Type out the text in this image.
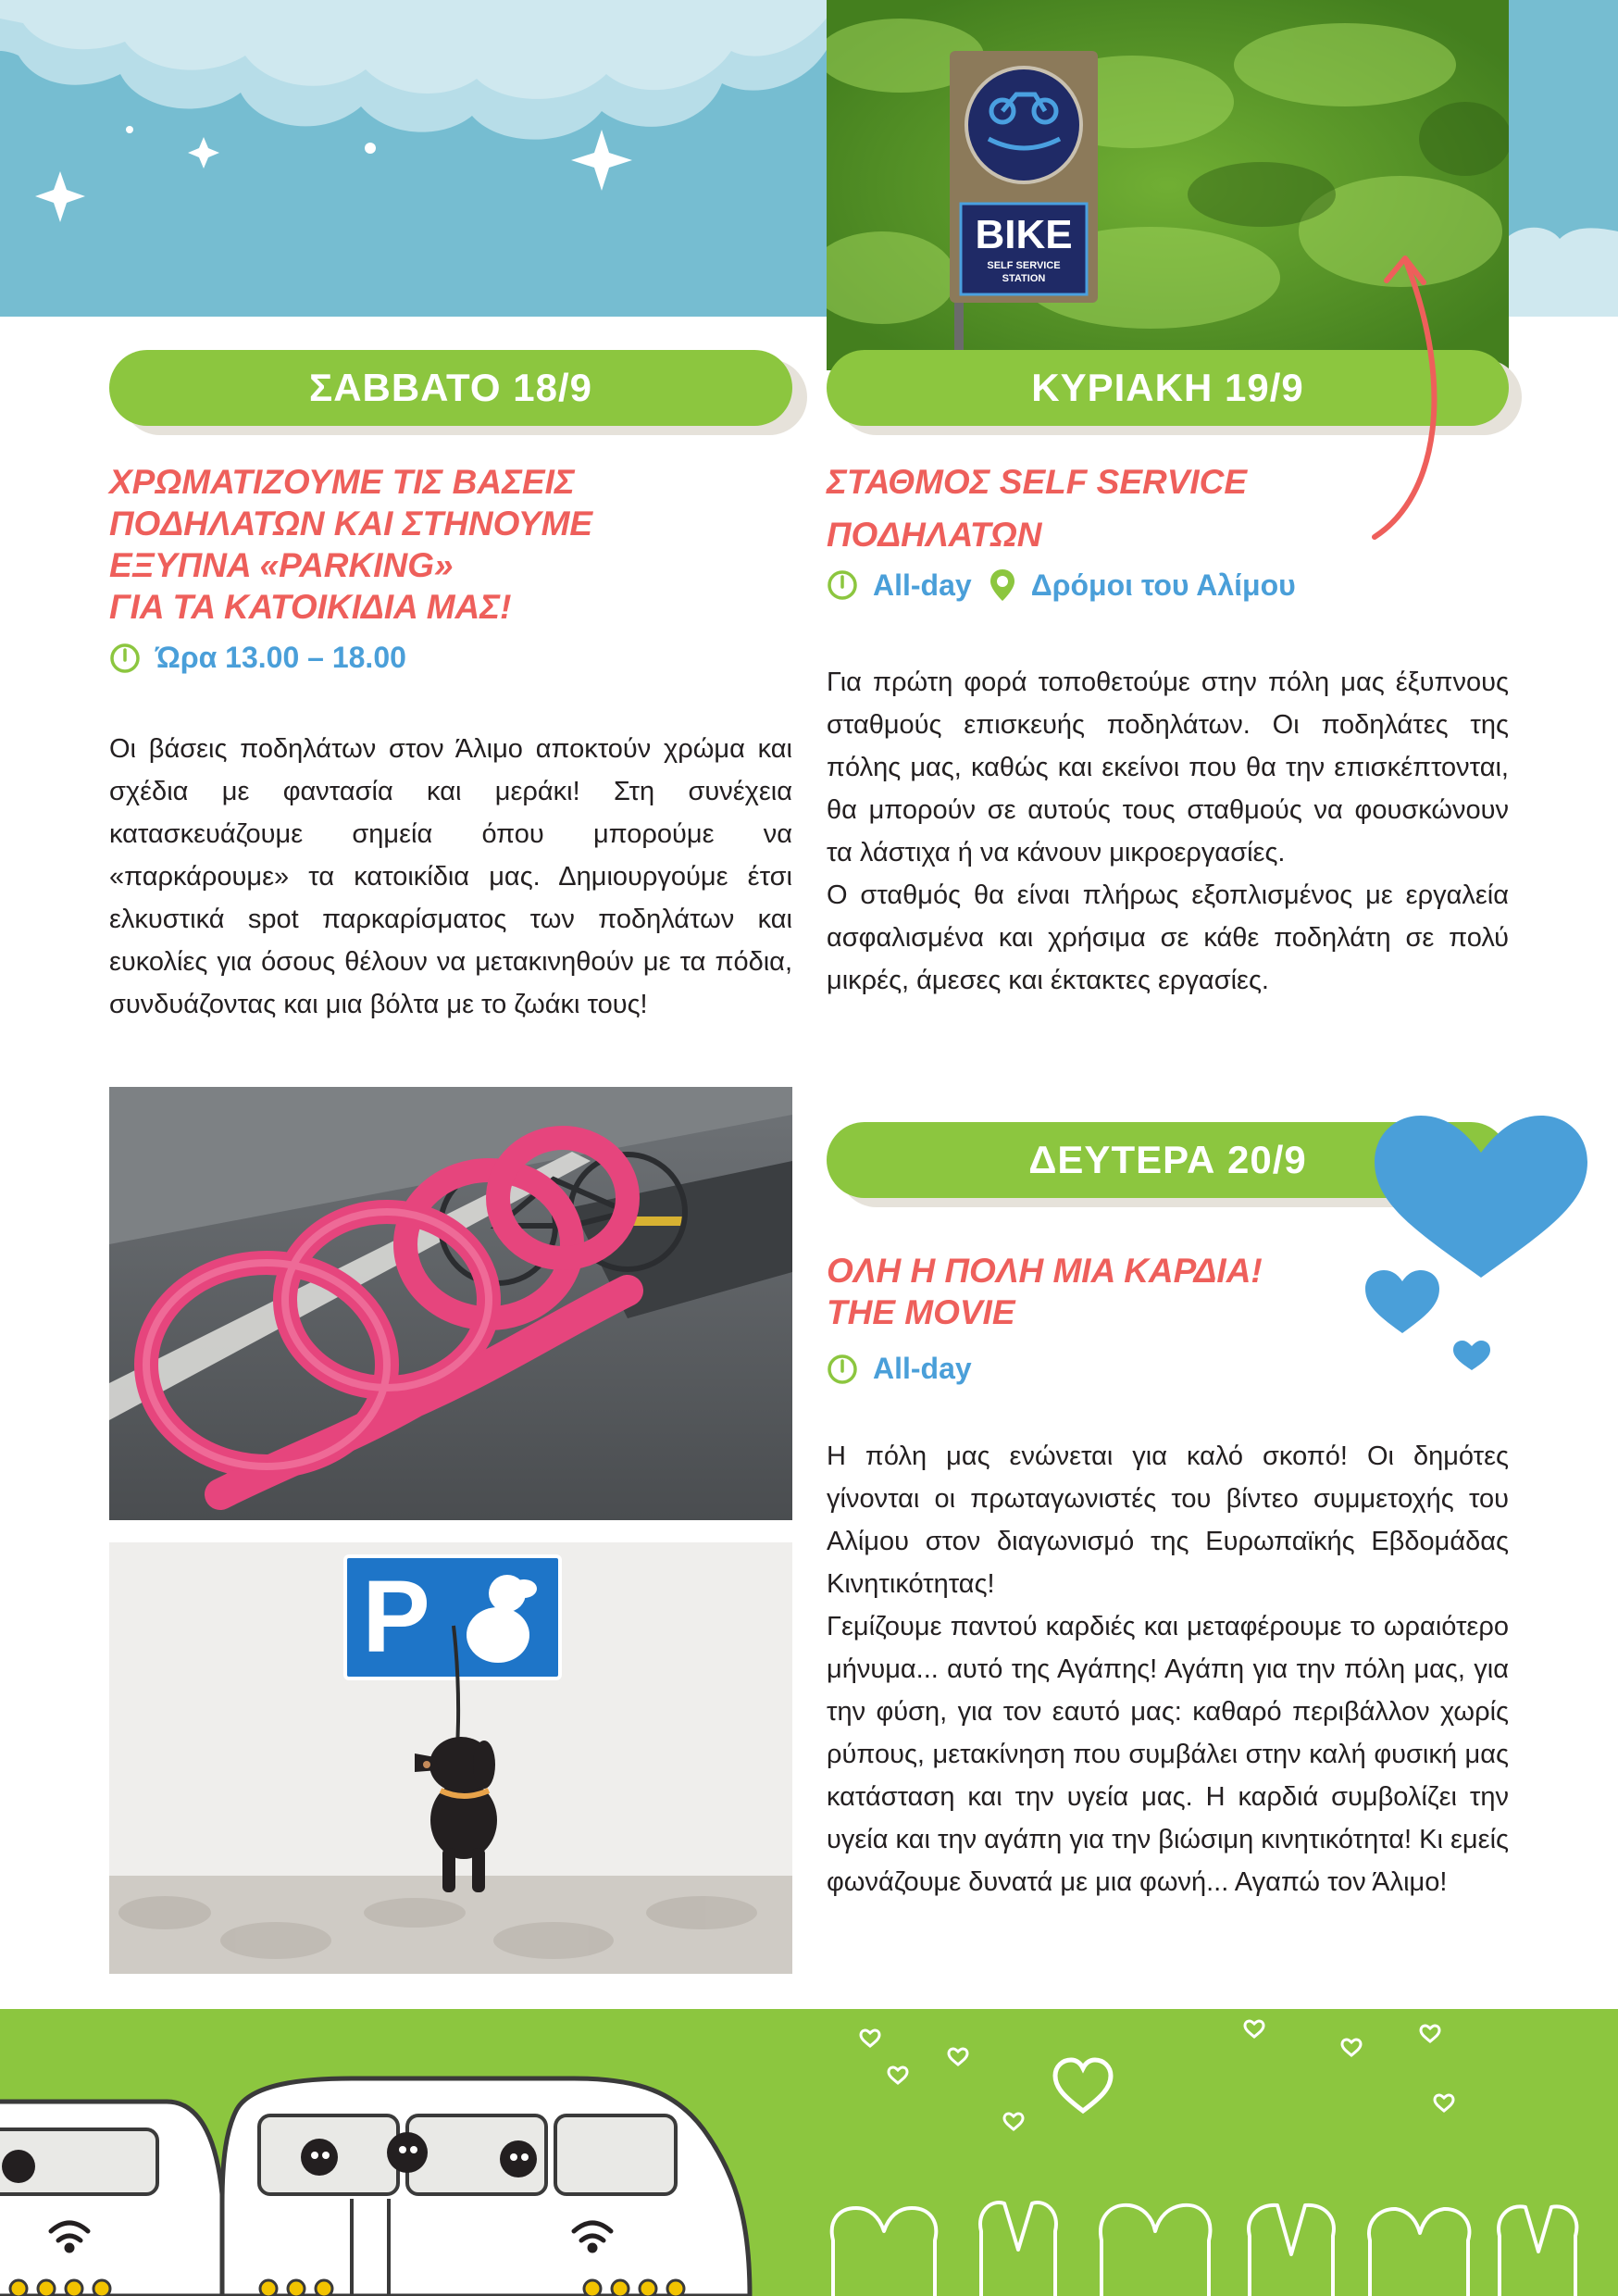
BIKE
SELF SERVICE
STATION
ΣΑΒΒΑΤΟ 18/9
ΧΡΩΜΑΤΙΖΟΥΜΕ ΤΙΣ ΒΑΣΕΙΣ
ΠΟΔΗΛΑΤΩΝ ΚΑΙ ΣΤΗΝΟΥΜΕ
ΕΞΥΠΝΑ «PARKING»
ΓΙΑ ΤΑ ΚΑΤΟΙΚΙΔΙΑ ΜΑΣ!
Ώρα 13.00 – 18.00

Οι βάσεις ποδηλάτων στον Άλιμο αποκτούν χρώμα και σχέδια με φαντασία και μεράκι! Στη συνέχεια κατασκευάζουμε σημεία όπου μπορούμε να «παρκάρουμε» τα κατοικίδια μας. Δημιουργούμε έτσι ελκυστικά spot παρκαρίσματος των ποδηλάτων και ευκολίες για όσους θέλουν να μετακινηθούν με τα πόδια, συνδυάζοντας και μια βόλτα με το ζωάκι τους!

P
ΚΥΡΙΑΚΗ 19/9
ΣΤΑΘΜΟΣ SELF SERVICE
ΠΟΔΗΛΑΤΩΝ
All-day Δρόμοι του Αλίμου

Για πρώτη φορά τοποθετούμε στην πόλη μας έξυπνους σταθμούς επισκευής ποδηλάτων. Οι ποδηλάτες της πόλης μας, καθώς και εκείνοι που θα την επισκέπτονται, θα μπορούν σε αυτούς τους σταθμούς να φουσκώνουν τα λάστιχα ή να κάνουν μικροεργασίες.

Ο σταθμός θα είναι πλήρως εξοπλισμένος με εργαλεία ασφαλισμένα και χρήσιμα σε κάθε ποδηλάτη σε πολύ μικρές, άμεσες και έκτακτες εργασίες.

ΔΕΥΤΕΡΑ 20/9
ΟΛΗ Η ΠΟΛΗ ΜΙΑ ΚΑΡΔΙΑ!
THE MOVIE
All-day

Η πόλη μας ενώνεται για καλό σκοπό! Οι δημότες γίνονται οι πρωταγωνιστές του βίντεο συμμετοχής του Αλίμου στον διαγωνισμό της Ευρωπαϊκής Εβδομάδας Κινητικότητας!

Γεμίζουμε παντού καρδιές και μεταφέρουμε το ωραιότερο μήνυμα... αυτό της Αγάπης! Αγάπη για την πόλη μας, για την φύση, για τον εαυτό μας: καθαρό περιβάλλον χωρίς ρύπους, μετακίνηση που συμβάλει στην καλή φυσική μας κατάσταση και την υγεία μας. Η καρδιά συμβολίζει την υγεία και την αγάπη για την βιώσιμη κινητικότητα! Κι εμείς φωνάζουμε δυνατά με μια φωνή... Αγαπώ τον Άλιμο!
